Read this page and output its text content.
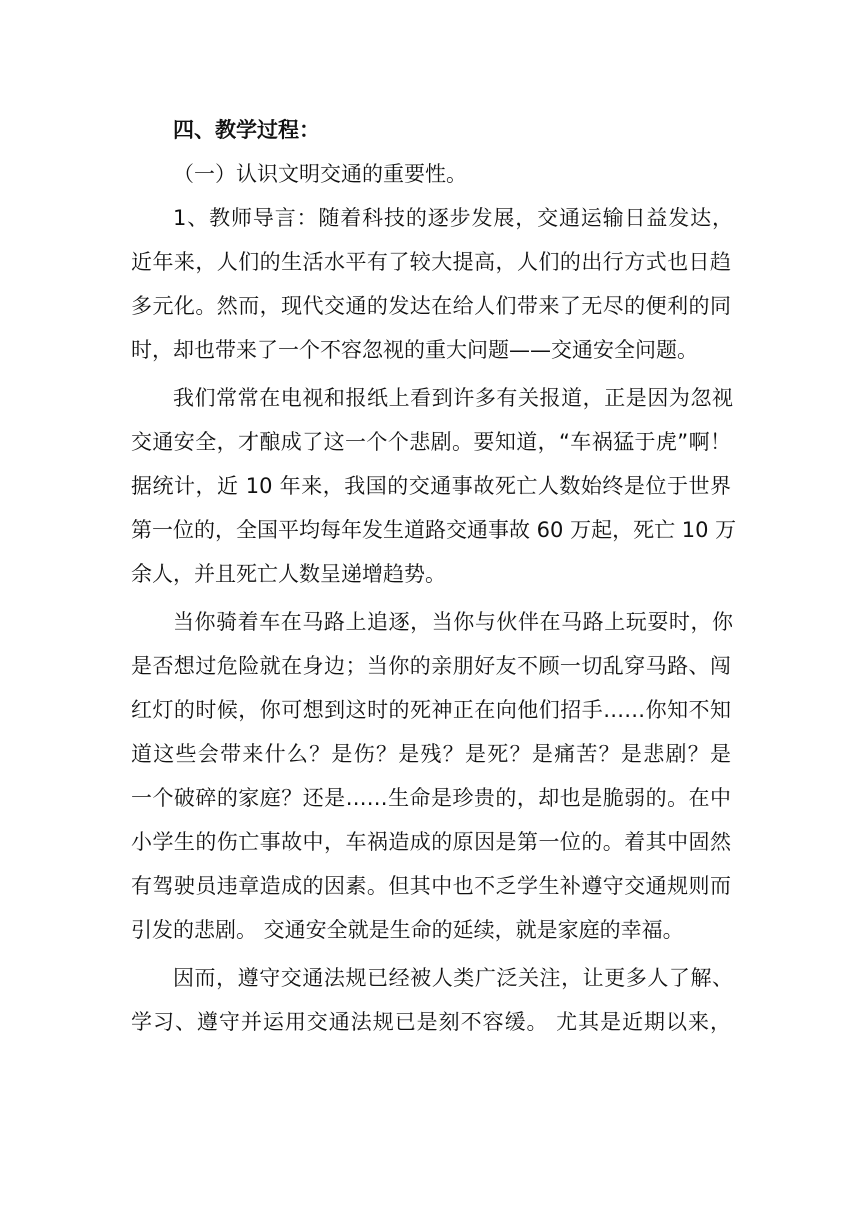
四、教学过程：
（一）认识文明交通的重要性。
1、教师导言：随着科技的逐步发展，交通运输日益发达，
近年来，人们的生活水平有了较大提高，人们的出行方式也日趋
多元化。然而，现代交通的发达在给人们带来了无尽的便利的同
时，却也带来了一个不容忽视的重大问题——交通安全问题。
我们常常在电视和报纸上看到许多有关报道，正是因为忽视
交通安全，才酿成了这一个个悲剧。要知道，“车祸猛于虎”啊！
据统计，近 10 年来，我国的交通事故死亡人数始终是位于世界
第一位的，全国平均每年发生道路交通事故 60 万起，死亡 10 万
余人，并且死亡人数呈递增趋势。
当你骑着车在马路上追逐，当你与伙伴在马路上玩耍时，你
是否想过危险就在身边；当你的亲朋好友不顾一切乱穿马路、闯
红灯的时候，你可想到这时的死神正在向他们招手……你知不知
道这些会带来什么？是伤？是残？是死？是痛苦？是悲剧？是
一个破碎的家庭？还是……生命是珍贵的，却也是脆弱的。在中
小学生的伤亡事故中，车祸造成的原因是第一位的。着其中固然
有驾驶员违章造成的因素。但其中也不乏学生补遵守交通规则而
引发的悲剧。 交通安全就是生命的延续，就是家庭的幸福。
因而，遵守交通法规已经被人类广泛关注，让更多人了解、
学习、遵守并运用交通法规已是刻不容缓。 尤其是近期以来，
